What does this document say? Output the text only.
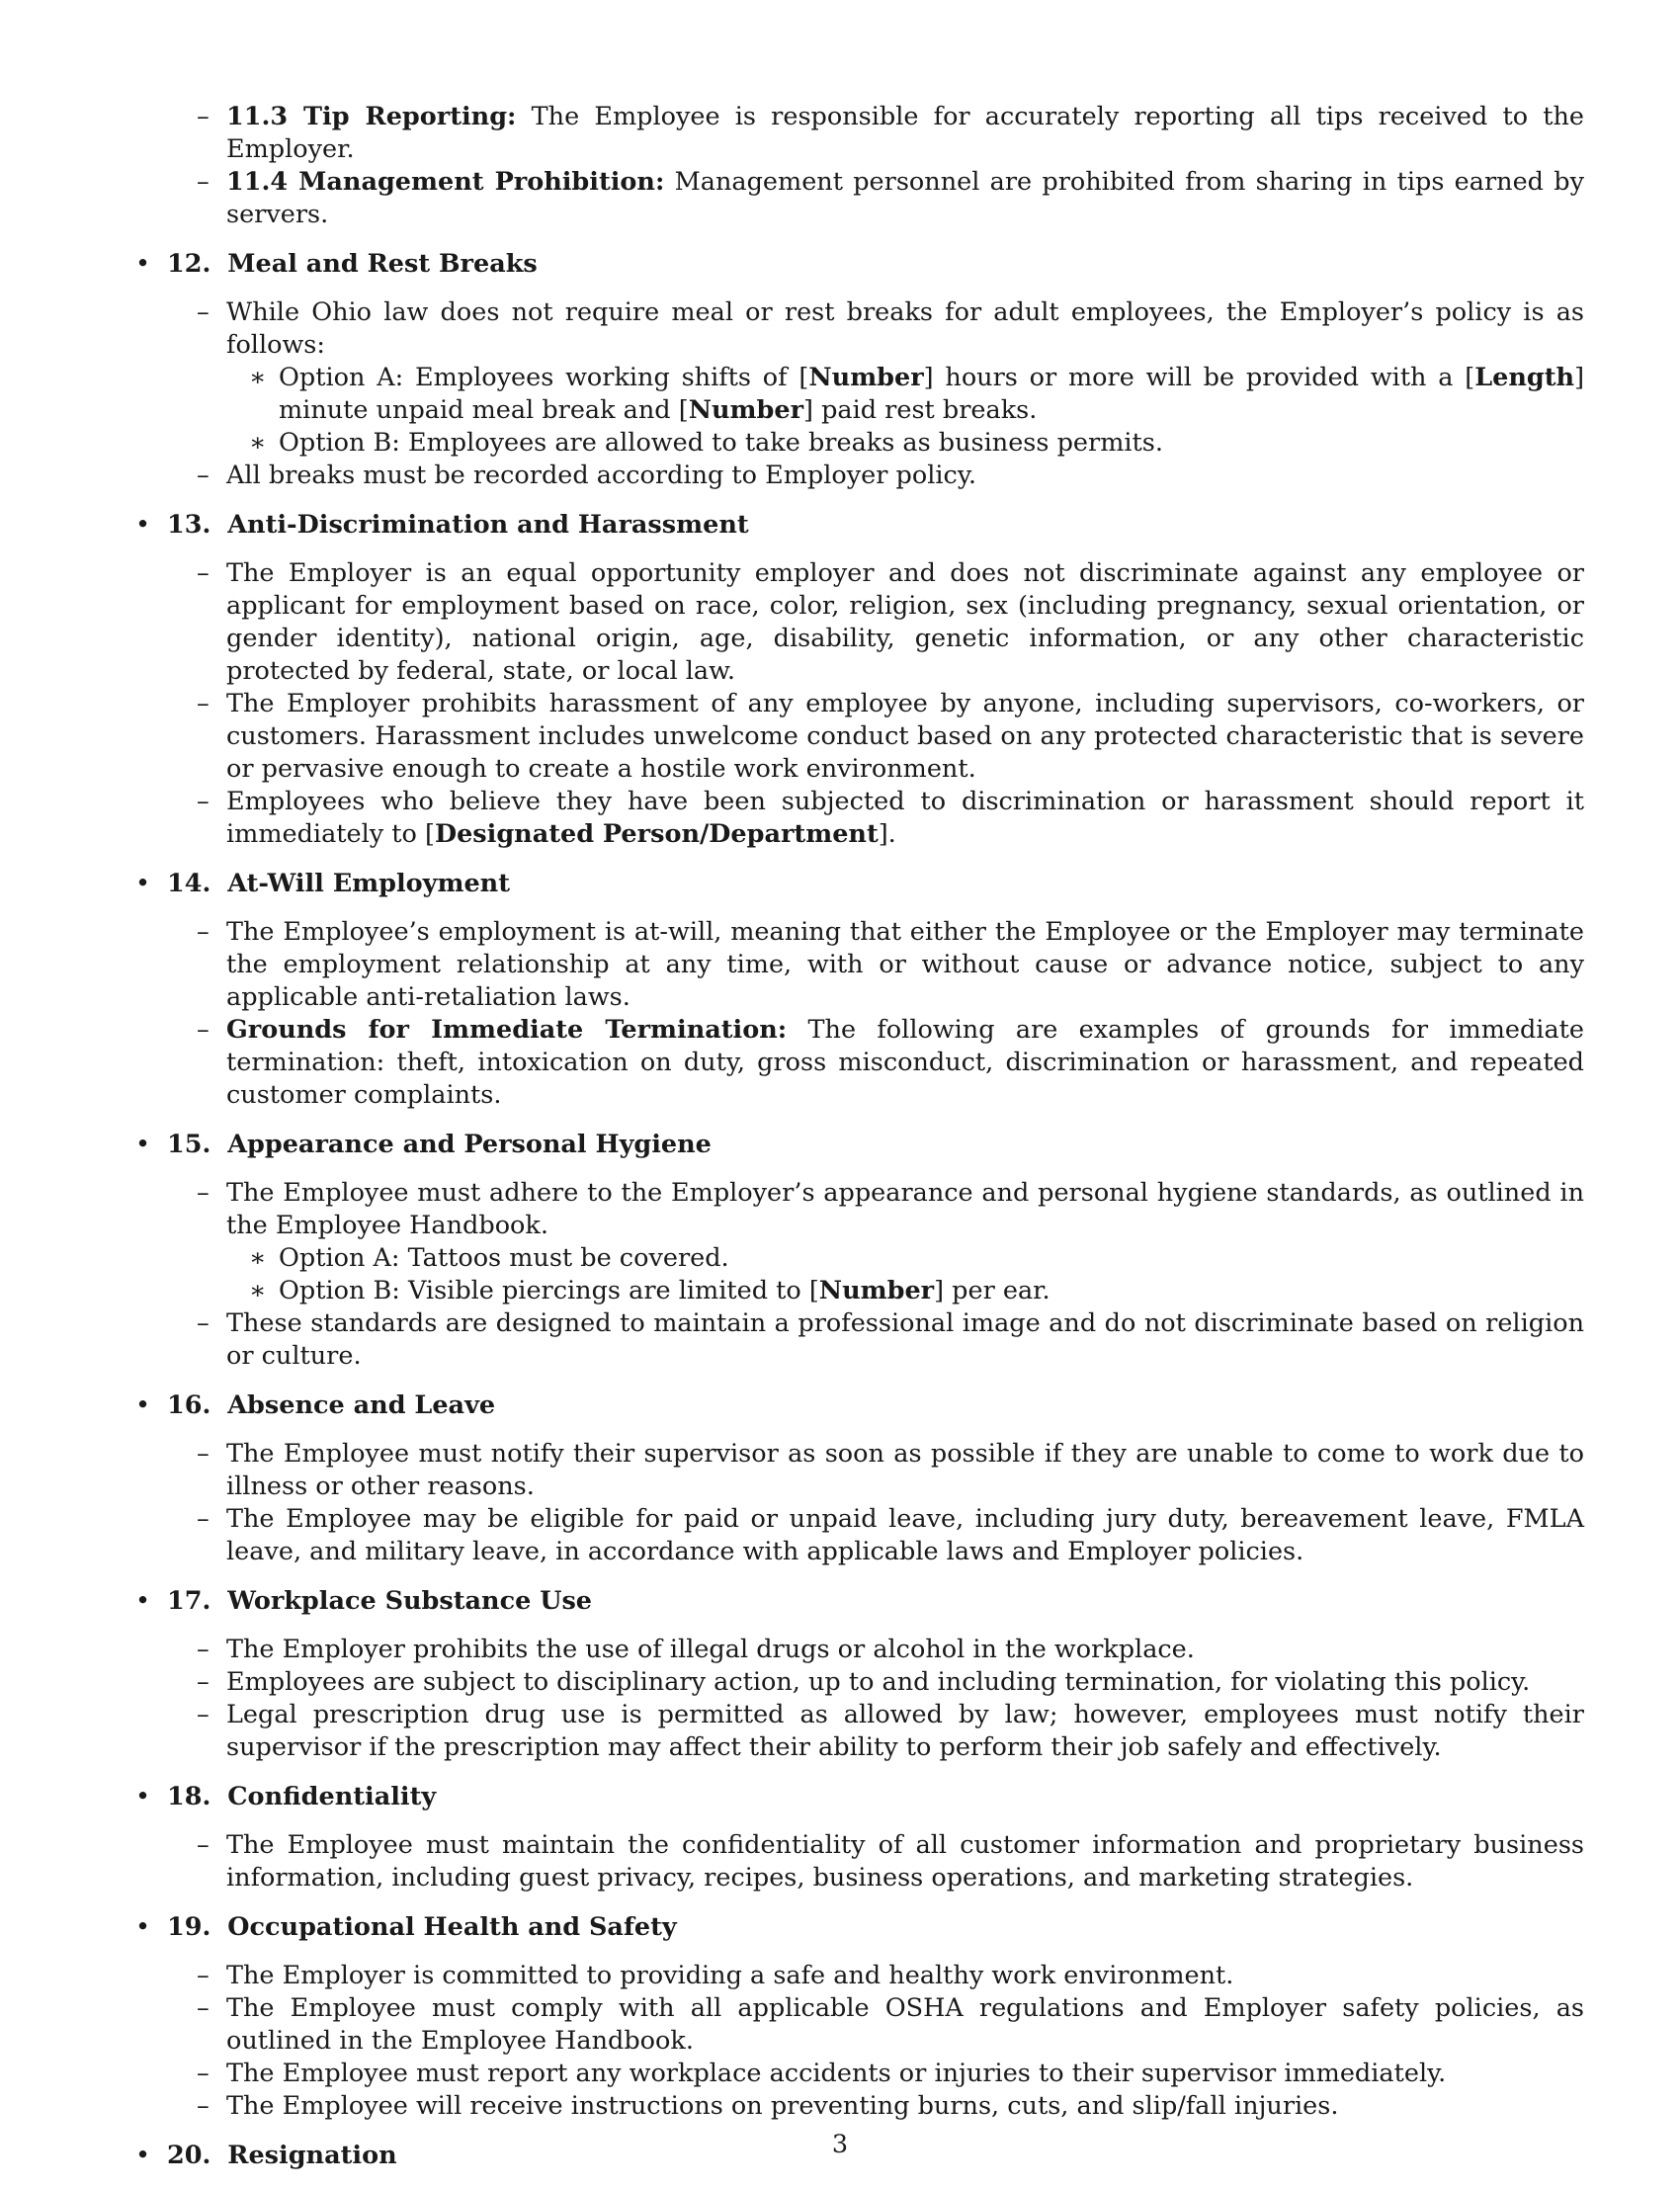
– 11.3 Tip Reporting: The Employee is responsible for accurately reporting all tips received to the Employer.
– 11.4 Management Prohibition: Management personnel are prohibited from sharing in tips earned by servers.
• 12. Meal and Rest Breaks
– While Ohio law does not require meal or rest breaks for adult employees, the Employer’s policy is as follows:
∗ Option A: Employees working shifts of [Number] hours or more will be provided with a [Length] minute unpaid meal break and [Number] paid rest breaks.
∗ Option B: Employees are allowed to take breaks as business permits.
– All breaks must be recorded according to Employer policy.
• 13. Anti-Discrimination and Harassment
– The Employer is an equal opportunity employer and does not discriminate against any employee or applicant for employment based on race, color, religion, sex (including pregnancy, sexual orientation, or gender identity), national origin, age, disability, genetic information, or any other characteristic protected by federal, state, or local law.
– The Employer prohibits harassment of any employee by anyone, including supervisors, co-workers, or customers. Harassment includes unwelcome conduct based on any protected characteristic that is severe or pervasive enough to create a hostile work environment.
– Employees who believe they have been subjected to discrimination or harassment should report it immediately to [Designated Person/Department].
• 14. At-Will Employment
– The Employee’s employment is at-will, meaning that either the Employee or the Employer may terminate the employment relationship at any time, with or without cause or advance notice, subject to any applicable anti-retaliation laws.
– Grounds for Immediate Termination: The following are examples of grounds for immediate termination: theft, intoxication on duty, gross misconduct, discrimination or harassment, and repeated customer complaints.
• 15. Appearance and Personal Hygiene
– The Employee must adhere to the Employer’s appearance and personal hygiene standards, as outlined in the Employee Handbook.
∗ Option A: Tattoos must be covered.
∗ Option B: Visible piercings are limited to [Number] per ear.
– These standards are designed to maintain a professional image and do not discriminate based on religion or culture.
• 16. Absence and Leave
– The Employee must notify their supervisor as soon as possible if they are unable to come to work due to illness or other reasons.
– The Employee may be eligible for paid or unpaid leave, including jury duty, bereavement leave, FMLA leave, and military leave, in accordance with applicable laws and Employer policies.
• 17. Workplace Substance Use
– The Employer prohibits the use of illegal drugs or alcohol in the workplace.
– Employees are subject to disciplinary action, up to and including termination, for violating this policy.
– Legal prescription drug use is permitted as allowed by law; however, employees must notify their supervisor if the prescription may affect their ability to perform their job safely and effectively.
• 18. Confidentiality
– The Employee must maintain the confidentiality of all customer information and proprietary business information, including guest privacy, recipes, business operations, and marketing strategies.
• 19. Occupational Health and Safety
– The Employer is committed to providing a safe and healthy work environment.
– The Employee must comply with all applicable OSHA regulations and Employer safety policies, as outlined in the Employee Handbook.
– The Employee must report any workplace accidents or injuries to their supervisor immediately.
– The Employee will receive instructions on preventing burns, cuts, and slip/fall injuries.
• 20. Resignation	3
